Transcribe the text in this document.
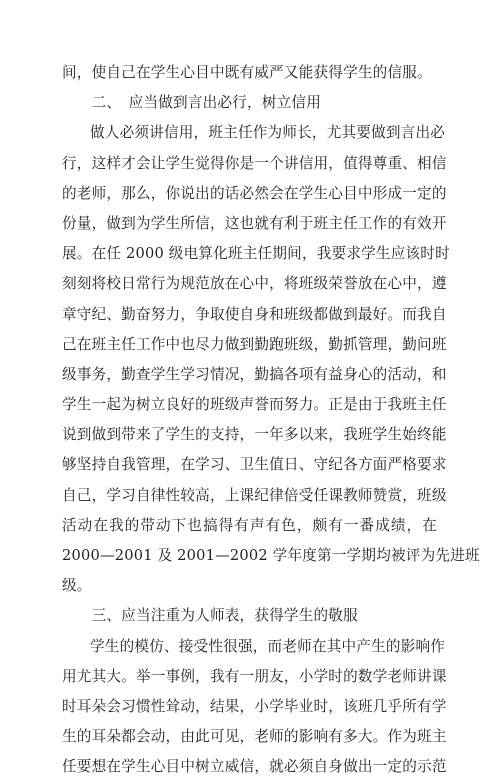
间，使自己在学生心目中既有威严又能获得学生的信服。
　　二、　应当做到言出必行，树立信用
做人必须讲信用，班主任作为师长，尤其要做到言出必
行，这样才会让学生觉得你是一个讲信用，值得尊重、相信
的老师，那么，你说出的话必然会在学生心目中形成一定的
份量，做到为学生所信，这也就有利于班主任工作的有效开
展。在任 2000 级电算化班主任期间，我要求学生应该时时
刻刻将校日常行为规范放在心中，将班级荣誉放在心中，遵
章守纪、勤奋努力，争取使自身和班级都做到最好。而我自
己在班主任工作中也尽力做到勤跑班级，勤抓管理，勤问班
级事务，勤查学生学习情况，勤搞各项有益身心的活动，和
学生一起为树立良好的班级声誉而努力。正是由于我班主任
说到做到带来了学生的支持，一年多以来，我班学生始终能
够坚持自我管理，在学习、卫生值日、守纪各方面严格要求
自己，学习自律性较高，上课纪律倍受任课教师赞赏，班级
活动在我的带动下也搞得有声有色，颇有一番成绩，在
2000—2001 及 2001—2002 学年度第一学期均被评为先进班
级。
　　三、应当注重为人师表，获得学生的敬服
学生的模仿、接受性很强，而老师在其中产生的影响作
用尤其大。举一事例，我有一朋友，小学时的数学老师讲课
时耳朵会习惯性耸动，结果，小学毕业时，该班几乎所有学
生的耳朵都会动，由此可见，老师的影响有多大。作为班主
任要想在学生心目中树立威信，就必须自身做出一定的示范
